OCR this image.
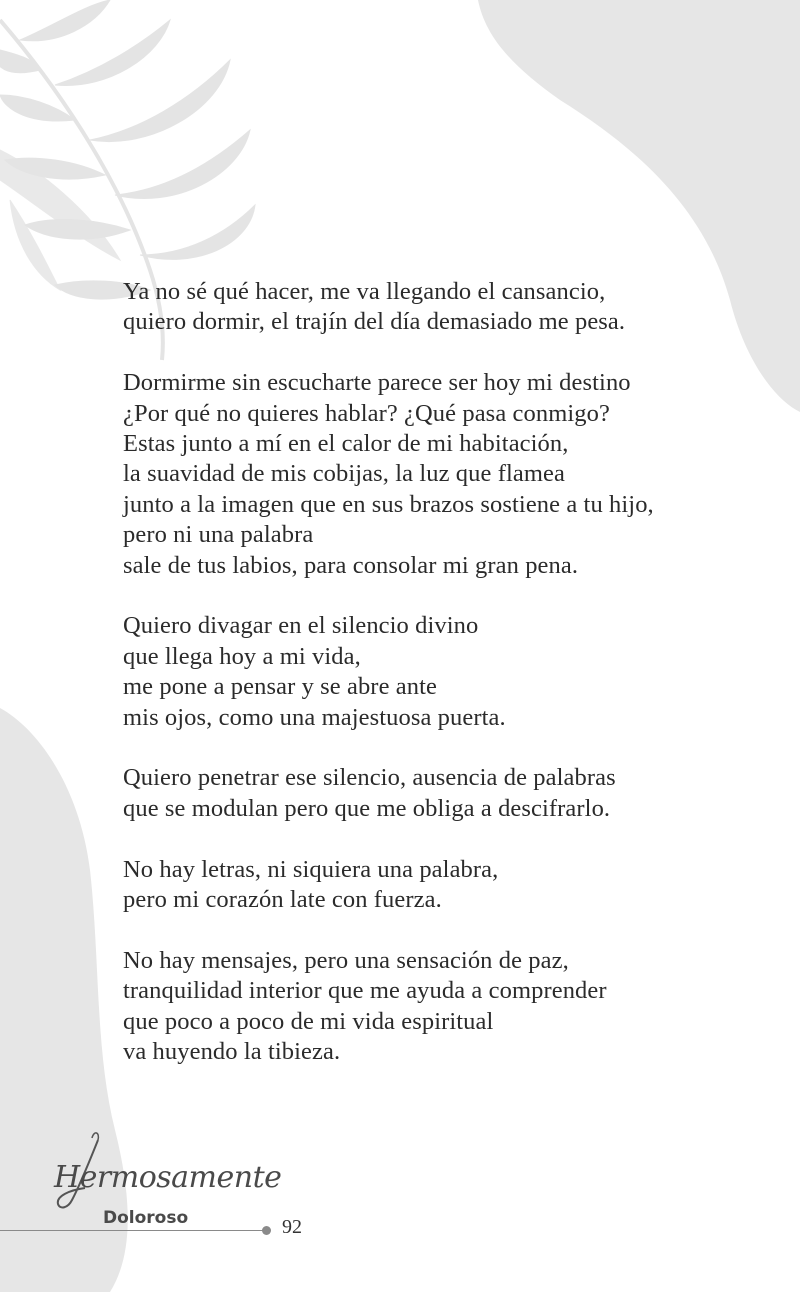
Ya no sé qué hacer, me va llegando el cansancio,
quiero dormir, el trajín del día demasiado me pesa.
Dormirme sin escucharte parece ser hoy mi destino
¿Por qué no quieres hablar? ¿Qué pasa conmigo?
Estas junto a mí en el calor de mi habitación,
la suavidad de mis cobijas, la luz que flamea
junto a la imagen que en sus brazos sostiene a tu hijo,
pero ni una palabra
sale de tus labios, para consolar mi gran pena.
Quiero divagar en el silencio divino
que llega hoy a mi vida,
me pone a pensar y se abre ante
mis ojos, como una majestuosa puerta.
Quiero penetrar ese silencio, ausencia de palabras
que se modulan pero que me obliga a descifrarlo.
No hay letras, ni siquiera una palabra,
pero mi corazón late con fuerza.
No hay mensajes, pero una sensación de paz,
tranquilidad interior que me ayuda a comprender
que poco a poco de mi vida espiritual
va huyendo la tibieza.
Hermosamente
Doloroso	92
